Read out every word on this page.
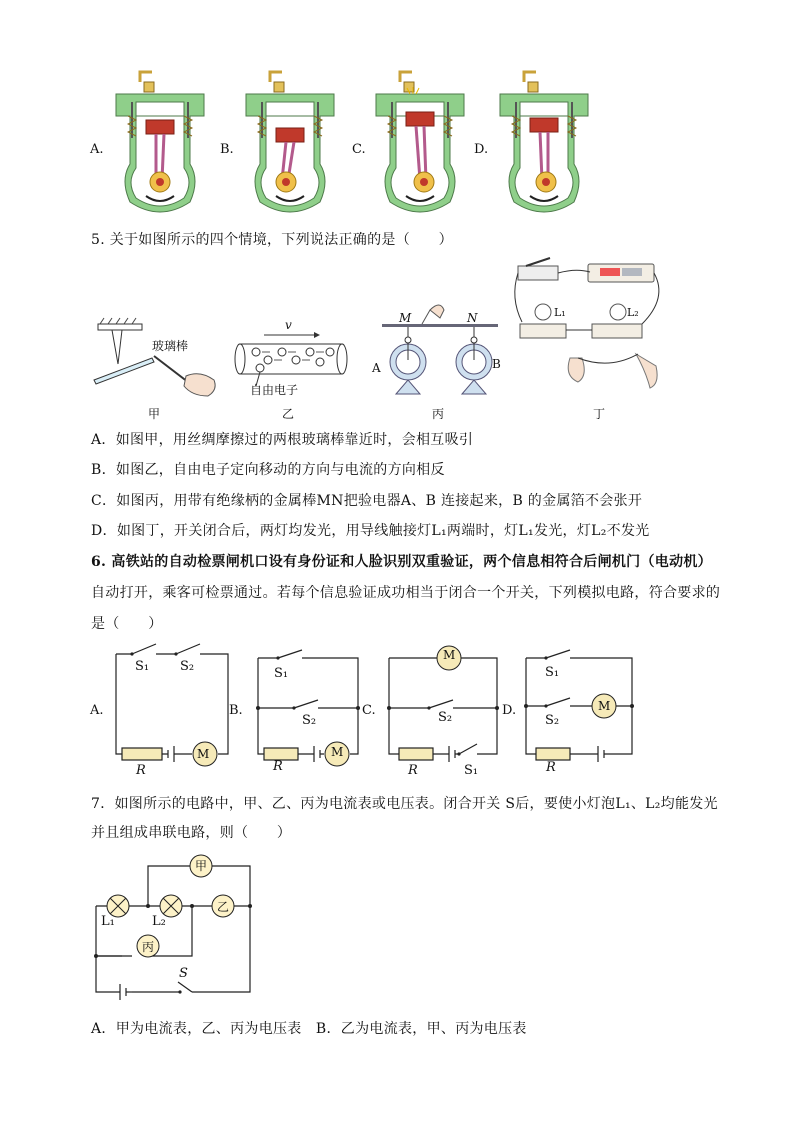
A.	B.	C.	D.
5. 关于如图所示的四个情境，下列说法正确的是（　　）
玻璃棒
甲
v
自由电子
乙
M	N
A	B
丙
L₁	L₂
丁
A．如图甲，用丝绸摩擦过的两根玻璃棒靠近时，会相互吸引
B．如图乙，自由电子定向移动的方向与电流的方向相反
C．如图丙，用带有绝缘柄的金属棒MN把验电器A、B 连接起来，B 的金属箔不会张开
D．如图丁，开关闭合后，两灯均发光，用导线触接灯L₁两端时，灯L₁发光，灯L₂不发光
6. 高铁站的自动检票闸机口设有身份证和人脸识别双重验证，两个信息相符合后闸机门（电动机）
自动打开，乘客可检票通过。若每个信息验证成功相当于闭合一个开关，下列模拟电路，符合要求的
是（　　）
A.
S₁ S₂
R
M
B.
S₁
S₂
R
M
C.
M
S₂
R	S₁
D.
S₁
S₂
M
R
7．如图所示的电路中，甲、乙、丙为电流表或电压表。闭合开关 S后，要使小灯泡L₁、L₂均能发光
并且组成串联电路，则（　　）
甲
乙
丙
L₁	L₂
S
A．甲为电流表，乙、丙为电压表　B．乙为电流表，甲、丙为电压表
